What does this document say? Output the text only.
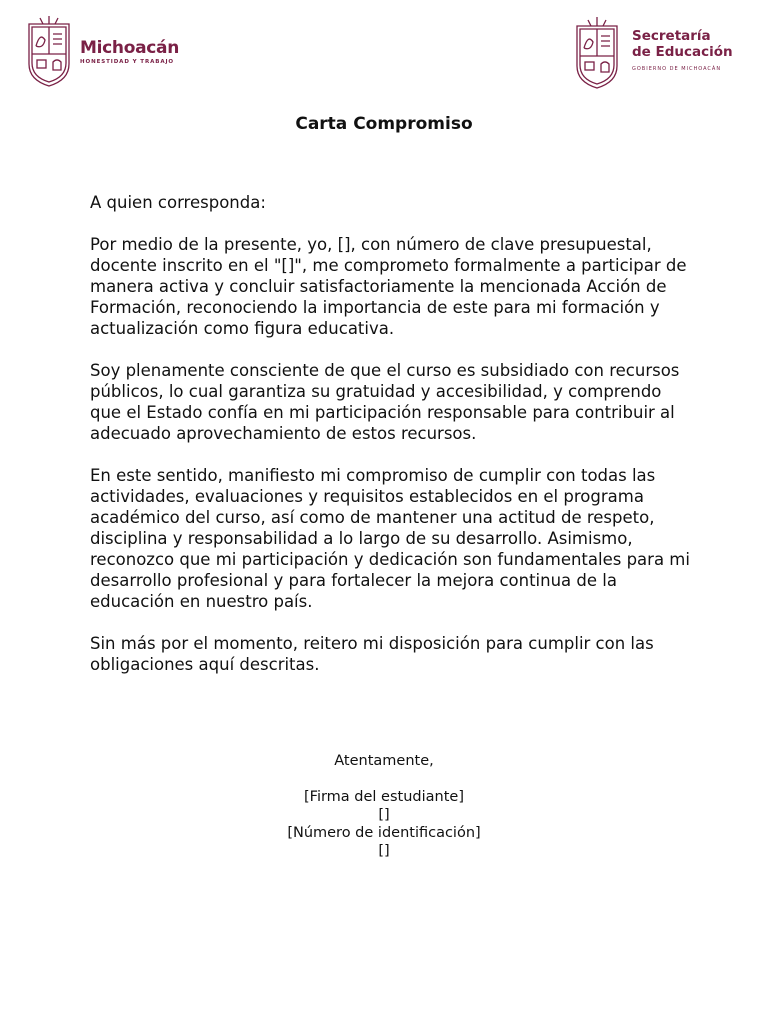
Michoacán
HONESTIDAD Y TRABAJO
Secretaría
de Educación
GOBIERNO DE MICHOACÁN
Carta Compromiso

A quien corresponda:

Por medio de la presente, yo, [], con número de clave presupuestal, docente inscrito en el "[]", me comprometo formalmente a participar de manera activa y concluir satisfactoriamente la mencionada Acción de Formación, reconociendo la importancia de este para mi formación y actualización como figura educativa.

Soy plenamente consciente de que el curso es subsidiado con recursos públicos, lo cual garantiza su gratuidad y accesibilidad, y comprendo que el Estado confía en mi participación responsable para contribuir al adecuado aprovechamiento de estos recursos.

En este sentido, manifiesto mi compromiso de cumplir con todas las actividades, evaluaciones y requisitos establecidos en el programa académico del curso, así como de mantener una actitud de respeto, disciplina y responsabilidad a lo largo de su desarrollo. Asimismo, reconozco que mi participación y dedicación son fundamentales para mi desarrollo profesional y para fortalecer la mejora continua de la educación en nuestro país.

Sin más por el momento, reitero mi disposición para cumplir con las obligaciones aquí descritas.

Atentamente,
[Firma del estudiante]
[]
[Número de identificación]
[]
